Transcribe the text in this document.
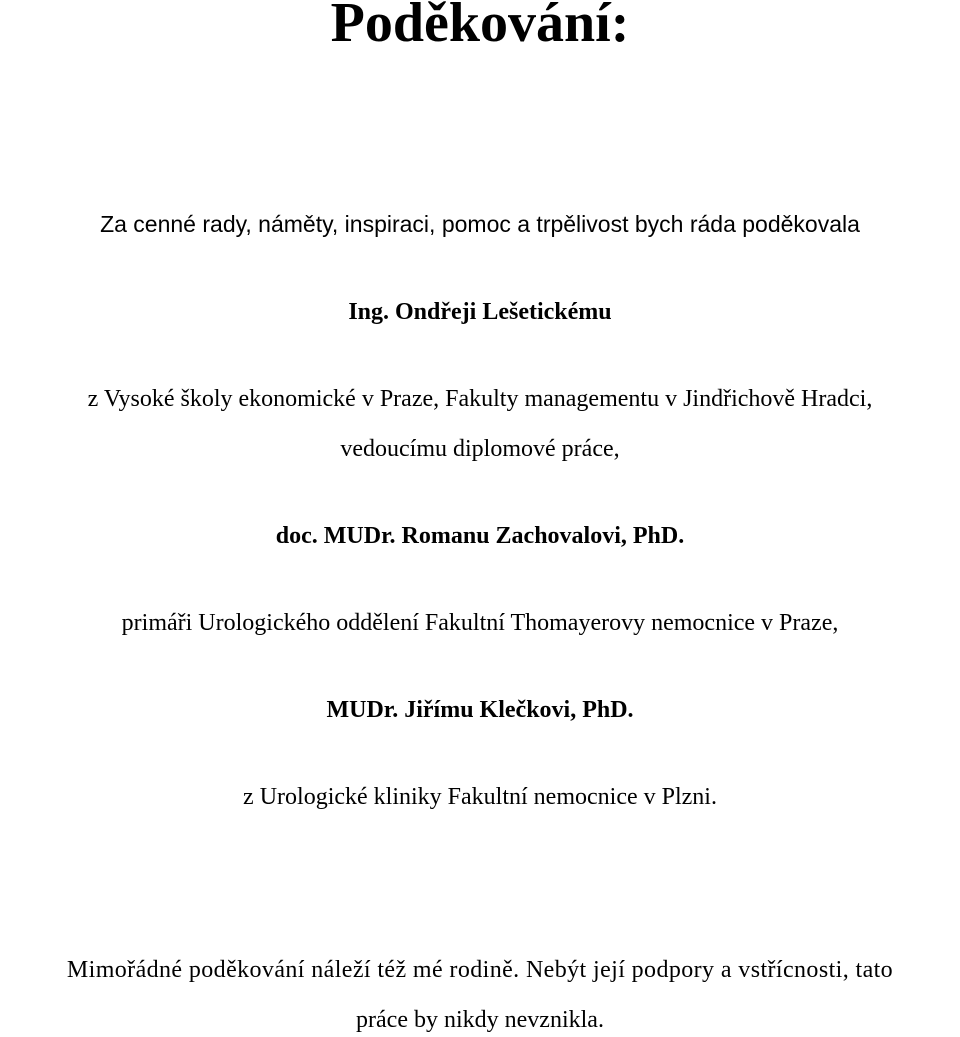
Poděkování:

Za cenné rady, náměty, inspiraci, pomoc a trpělivost bych ráda poděkovala

Ing. Ondřeji Lešetickému

z Vysoké školy ekonomické v Praze, Fakulty managementu v Jindřichově Hradci,

vedoucímu diplomové práce,

doc. MUDr. Romanu Zachovalovi, PhD.

primáři Urologického oddělení Fakultní Thomayerovy nemocnice v Praze,

MUDr. Jiřímu Klečkovi, PhD.

z Urologické kliniky Fakultní nemocnice v Plzni.

Mimořádné poděkování náleží též mé rodině. Nebýt její podpory a vstřícnosti, tato

práce by nikdy nevznikla.
